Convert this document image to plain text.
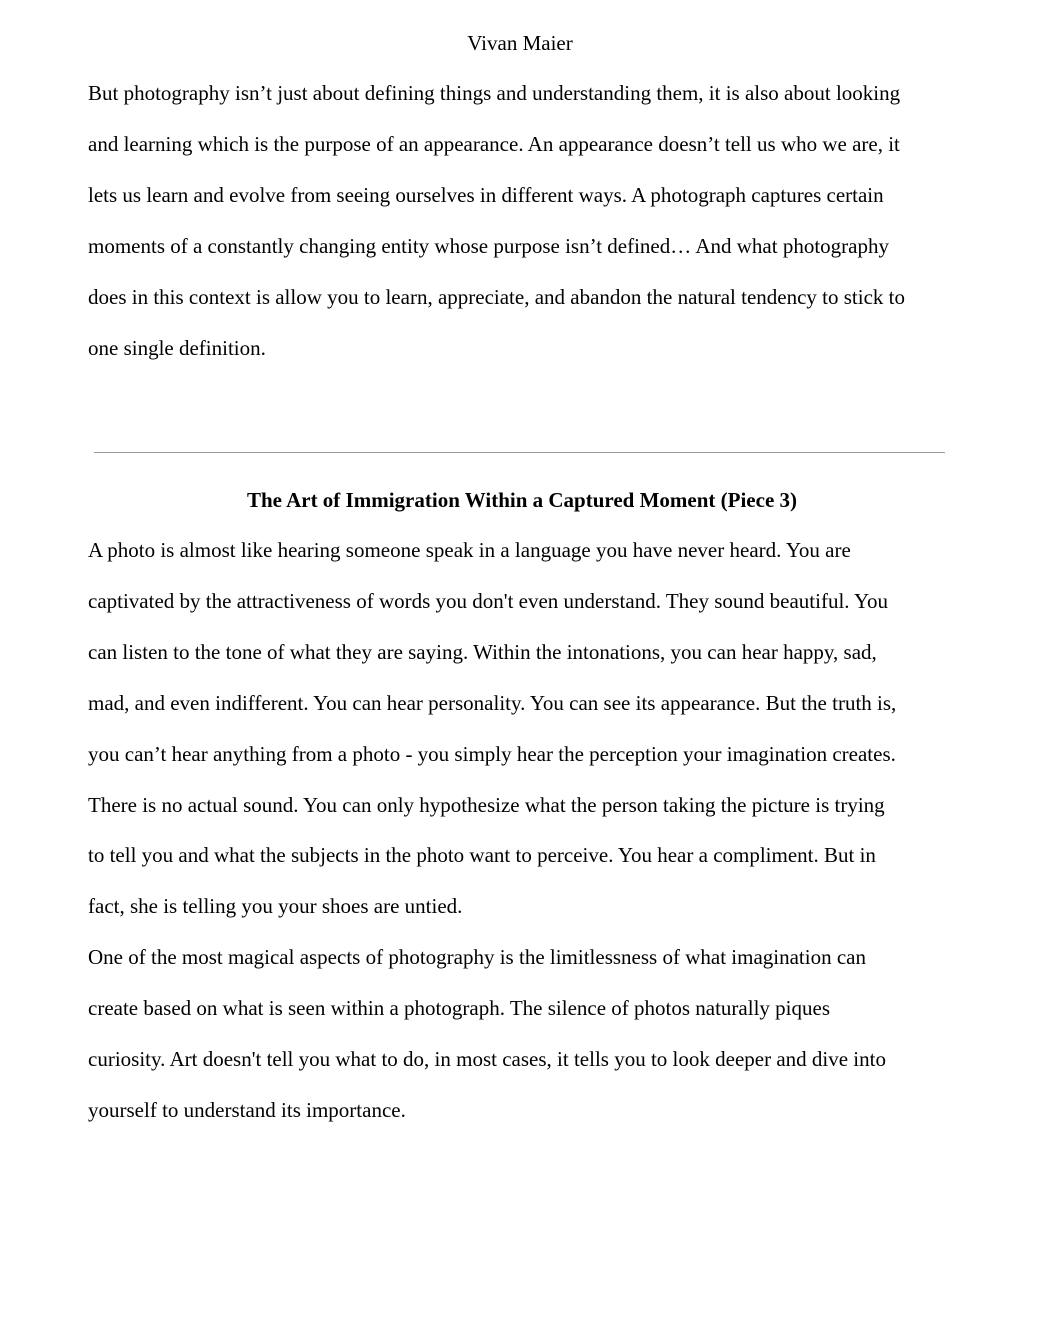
Vivan Maier

But photography isn’t just about defining things and understanding them, it is also about looking

and learning which is the purpose of an appearance. An appearance doesn’t tell us who we are, it

lets us learn and evolve from seeing ourselves in different ways. A photograph captures certain

moments of a constantly changing entity whose purpose isn’t defined… And what photography

does in this context is allow you to learn, appreciate, and abandon the natural tendency to stick to

one single definition.

The Art of Immigration Within a Captured Moment (Piece 3)

A photo is almost like hearing someone speak in a language you have never heard. You are

captivated by the attractiveness of words you don't even understand. They sound beautiful. You

can listen to the tone of what they are saying. Within the intonations, you can hear happy, sad,

mad, and even indifferent. You can hear personality. You can see its appearance. But the truth is,

you can’t hear anything from a photo - you simply hear the perception your imagination creates.

There is no actual sound. You can only hypothesize what the person taking the picture is trying

to tell you and what the subjects in the photo want to perceive. You hear a compliment. But in

fact, she is telling you your shoes are untied.

One of the most magical aspects of photography is the limitlessness of what imagination can

create based on what is seen within a photograph. The silence of photos naturally piques

curiosity. Art doesn't tell you what to do, in most cases, it tells you to look deeper and dive into

yourself to understand its importance.
